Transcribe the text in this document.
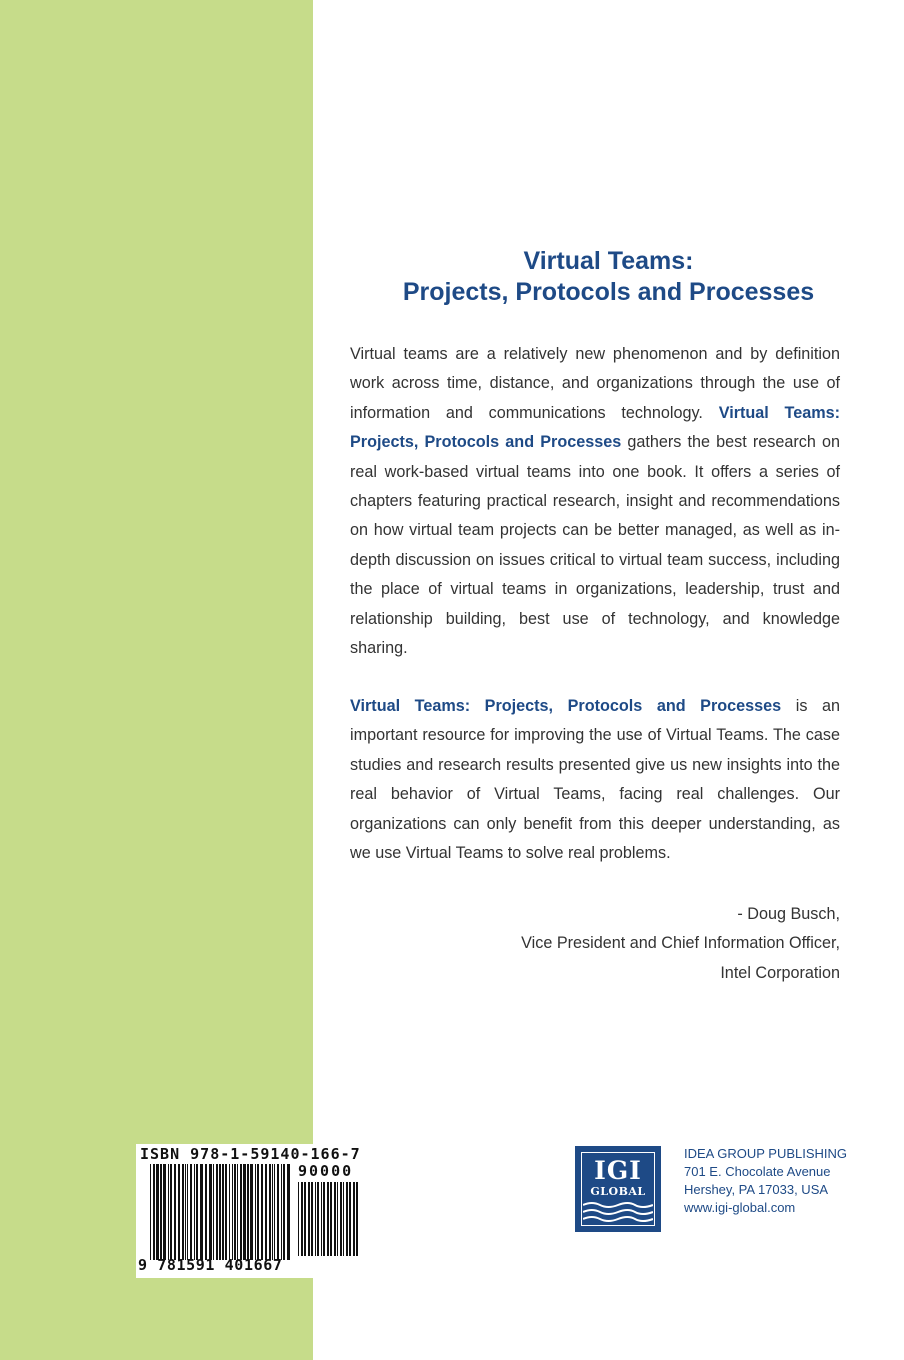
Virtual Teams:
Projects, Protocols and Processes

Virtual teams are a relatively new phenomenon and by definition work across time, distance, and organizations through the use of information and communications technology. Virtual Teams: Projects, Protocols and Processes gathers the best research on real work-based virtual teams into one book. It offers a series of chapters featuring practical research, insight and recommendations on how virtual team projects can be better managed, as well as in-depth discussion on issues critical to virtual team success, including the place of virtual teams in organizations, leadership, trust and relationship building, best use of technology, and knowledge sharing.

Virtual Teams: Projects, Protocols and Processes is an important resource for improving the use of Virtual Teams. The case studies and research results presented give us new insights into the real behavior of Virtual Teams, facing real challenges. Our organizations can only benefit from this deeper understanding, as we use Virtual Teams to solve real problems.

- Doug Busch,
Vice President and Chief Information Officer,
Intel Corporation
ISBN 978-1-59140-166-7
90000
9 781591 401667
IGI
GLOBAL
IDEA GROUP PUBLISHING
701 E. Chocolate Avenue
Hershey, PA 17033, USA
www.igi-global.com
